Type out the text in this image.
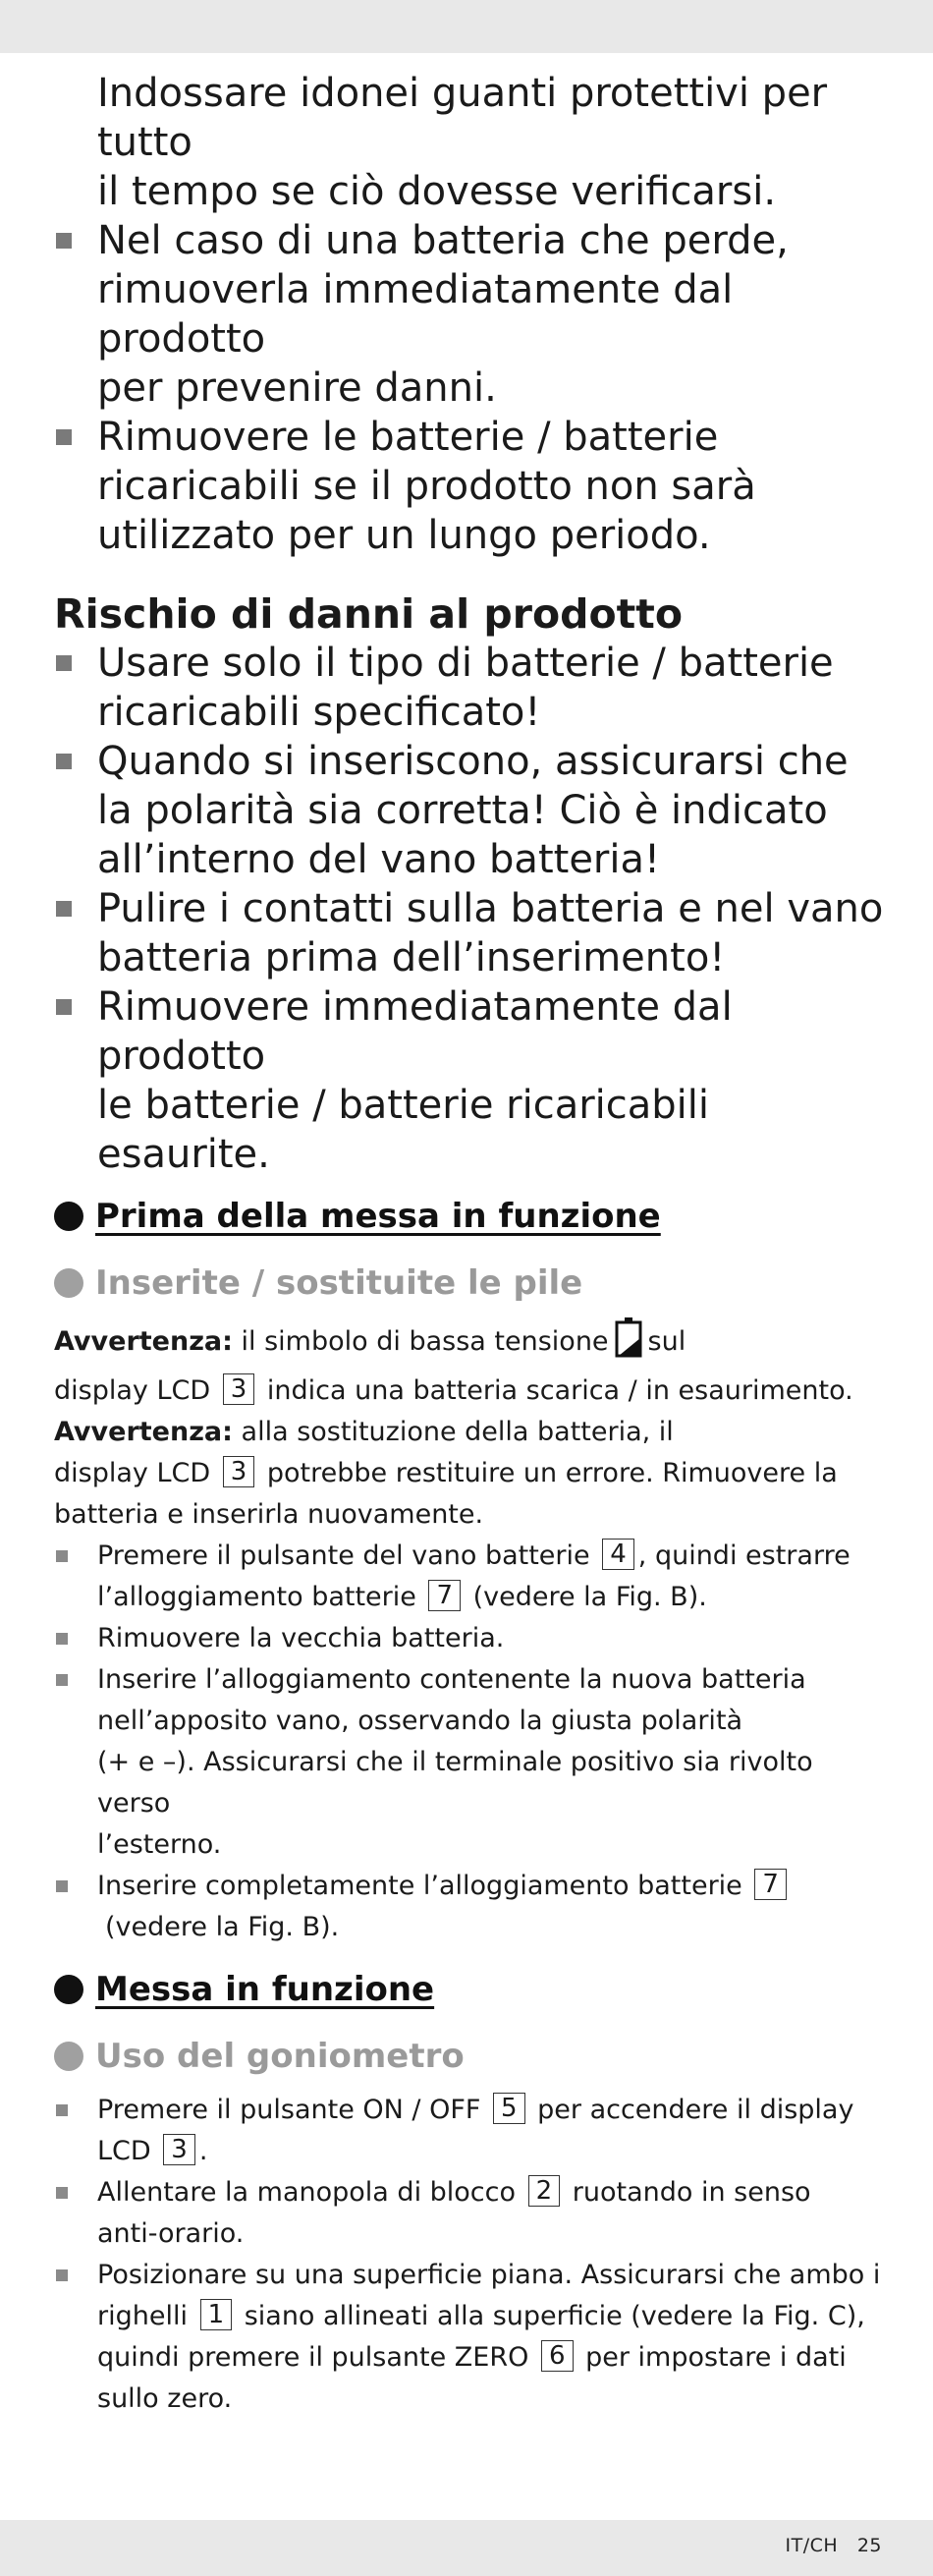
Indossare idonei guanti protettivi per tutto
il tempo se ciò dovesse verificarsi.
Nel caso di una batteria che perde,
rimuoverla immediatamente dal prodotto
per prevenire danni.
Rimuovere le batterie / batterie
ricaricabili se il prodotto non sarà
utilizzato per un lungo periodo.
Rischio di danni al prodotto
Usare solo il tipo di batterie / batterie
ricaricabili specificato!
Quando si inseriscono, assicurarsi che
la polarità sia corretta! Ciò è indicato
all’interno del vano batteria!
Pulire i contatti sulla batteria e nel vano
batteria prima dell’inserimento!
Rimuovere immediatamente dal prodotto
le batterie / batterie ricaricabili esaurite.
Prima della messa in funzione
Inserite / sostituite le pile
Avvertenza: il simbolo di bassa tensione sul
display LCD 3 indica una batteria scarica / in esaurimento.
Avvertenza: alla sostituzione della batteria, il
display LCD 3 potrebbe restituire un errore. Rimuovere la
batteria e inserirla nuovamente.
Premere il pulsante del vano batterie 4 , quindi estrarre
l’alloggiamento batterie 7 (vedere la Fig. B).
Rimuovere la vecchia batteria.
Inserire l’alloggiamento contenente la nuova batteria
nell’apposito vano, osservando la giusta polarità
(+ e –). Assicurarsi che il terminale positivo sia rivolto verso
l’esterno.
Inserire completamente l’alloggiamento batterie 7
(vedere la Fig. B).
Messa in funzione
Uso del goniometro
Premere il pulsante ON / OFF 5 per accendere il display
LCD 3 .
Allentare la manopola di blocco 2 ruotando in senso
anti-orario.
Posizionare su una superficie piana. Assicurarsi che ambo i
righelli 1 siano allineati alla superficie (vedere la Fig. C),
quindi premere il pulsante ZERO 6 per impostare i dati
sullo zero.
IT/CH   25
